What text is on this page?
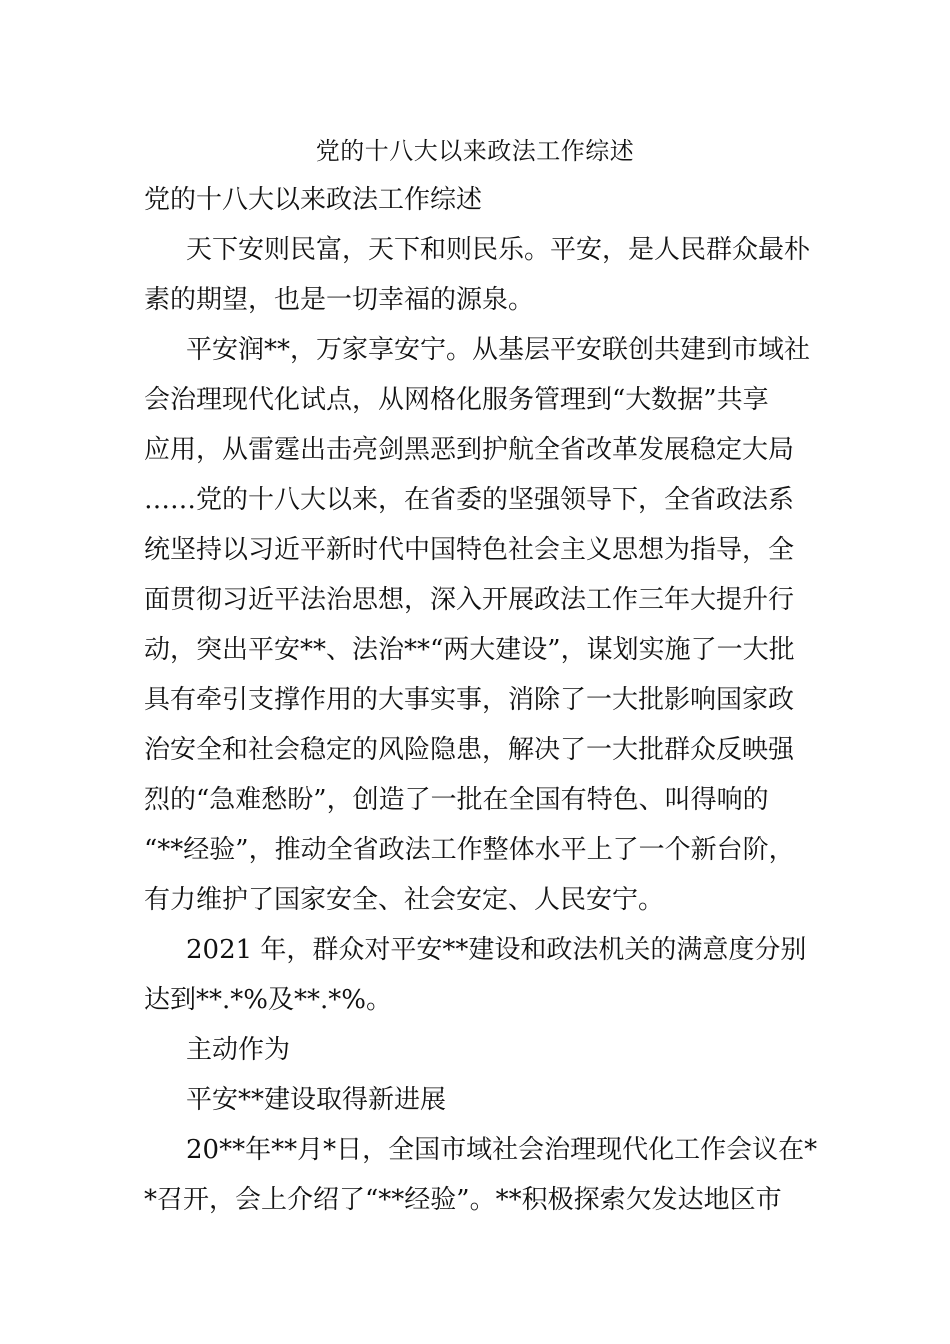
党的十八大以来政法工作综述
党的十八大以来政法工作综述
天下安则民富，天下和则民乐。平安，是人民群众最朴
素的期望，也是一切幸福的源泉。
平安润**，万家享安宁。从基层平安联创共建到市域社
会治理现代化试点，从网格化服务管理到“大数据”共享
应用，从雷霆出击亮剑黑恶到护航全省改革发展稳定大局
……党的十八大以来，在省委的坚强领导下，全省政法系
统坚持以习近平新时代中国特色社会主义思想为指导，全
面贯彻习近平法治思想，深入开展政法工作三年大提升行
动，突出平安**、法治**“两大建设”，谋划实施了一大批
具有牵引支撑作用的大事实事，消除了一大批影响国家政
治安全和社会稳定的风险隐患，解决了一大批群众反映强
烈的“急难愁盼”，创造了一批在全国有特色、叫得响的
“**经验”，推动全省政法工作整体水平上了一个新台阶，
有力维护了国家安全、社会安定、人民安宁。
2021 年，群众对平安**建设和政法机关的满意度分别
达到**.*%及**.*%。
主动作为
平安**建设取得新进展
20**年**月*日，全国市域社会治理现代化工作会议在*
*召开，会上介绍了“**经验”。**积极探索欠发达地区市
